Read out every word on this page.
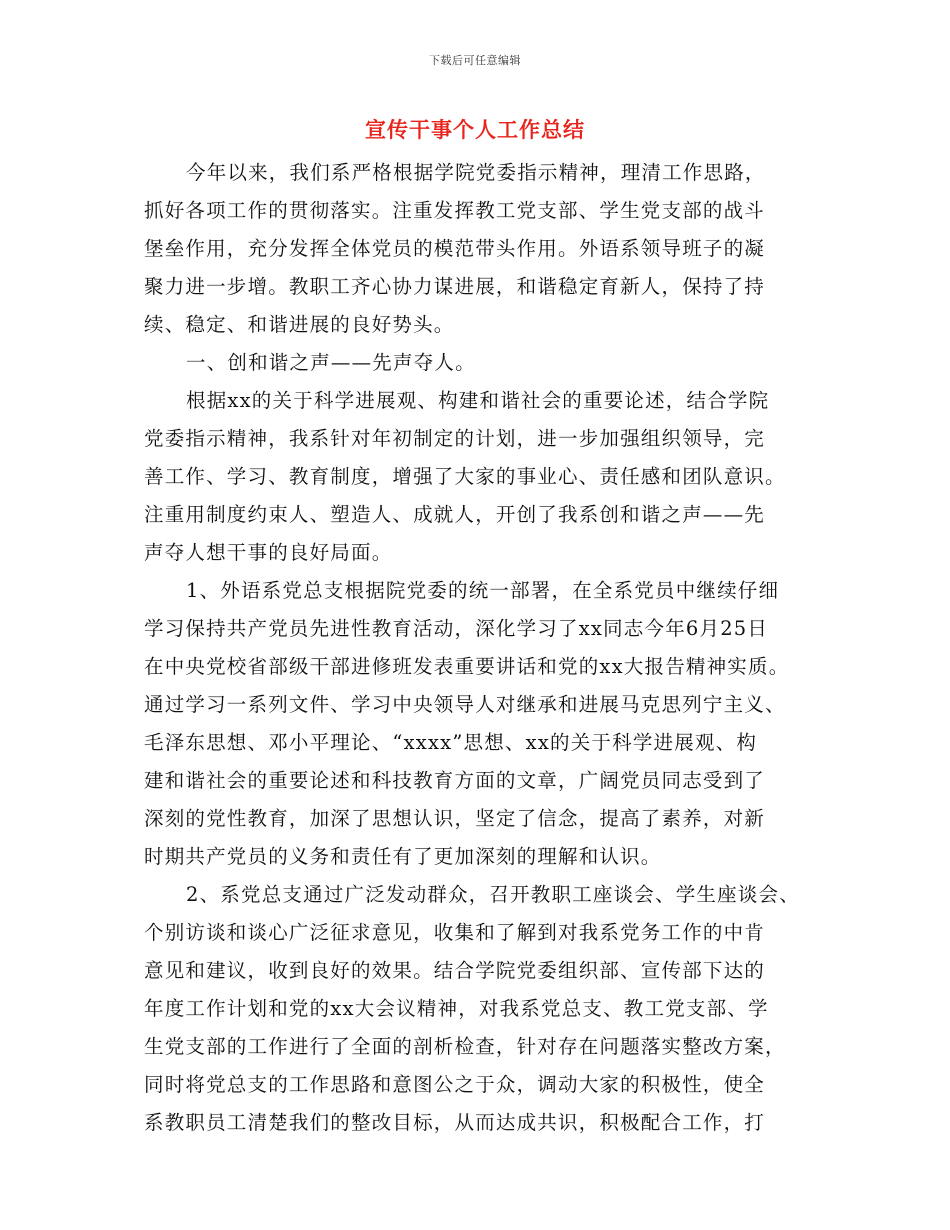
下载后可任意编辑
宣传干事个人工作总结
今年以来，我们系严格根据学院党委指示精神，理清工作思路，
抓好各项工作的贯彻落实。注重发挥教工党支部、学生党支部的战斗
堡垒作用，充分发挥全体党员的模范带头作用。外语系领导班子的凝
聚力进一步增。教职工齐心协力谋进展，和谐稳定育新人，保持了持
续、稳定、和谐进展的良好势头。
一、创和谐之声——先声夺人。
根据xx的关于科学进展观、构建和谐社会的重要论述，结合学院
党委指示精神，我系针对年初制定的计划，进一步加强组织领导，完
善工作、学习、教育制度，增强了大家的事业心、责任感和团队意识。
注重用制度约束人、塑造人、成就人，开创了我系创和谐之声——先
声夺人想干事的良好局面。
1、外语系党总支根据院党委的统一部署，在全系党员中继续仔细
学习保持共产党员先进性教育活动，深化学习了xx同志今年6月25日
在中央党校省部级干部进修班发表重要讲话和党的xx大报告精神实质。
通过学习一系列文件、学习中央领导人对继承和进展马克思列宁主义、
毛泽东思想、邓小平理论、“xxxx”思想、xx的关于科学进展观、构
建和谐社会的重要论述和科技教育方面的文章，广阔党员同志受到了
深刻的党性教育，加深了思想认识，坚定了信念，提高了素养，对新
时期共产党员的义务和责任有了更加深刻的理解和认识。
2、系党总支通过广泛发动群众，召开教职工座谈会、学生座谈会、
个别访谈和谈心广泛征求意见，收集和了解到对我系党务工作的中肯
意见和建议，收到良好的效果。结合学院党委组织部、宣传部下达的
年度工作计划和党的xx大会议精神，对我系党总支、教工党支部、学
生党支部的工作进行了全面的剖析检查，针对存在问题落实整改方案，
同时将党总支的工作思路和意图公之于众，调动大家的积极性，使全
系教职员工清楚我们的整改目标，从而达成共识，积极配合工作，打
